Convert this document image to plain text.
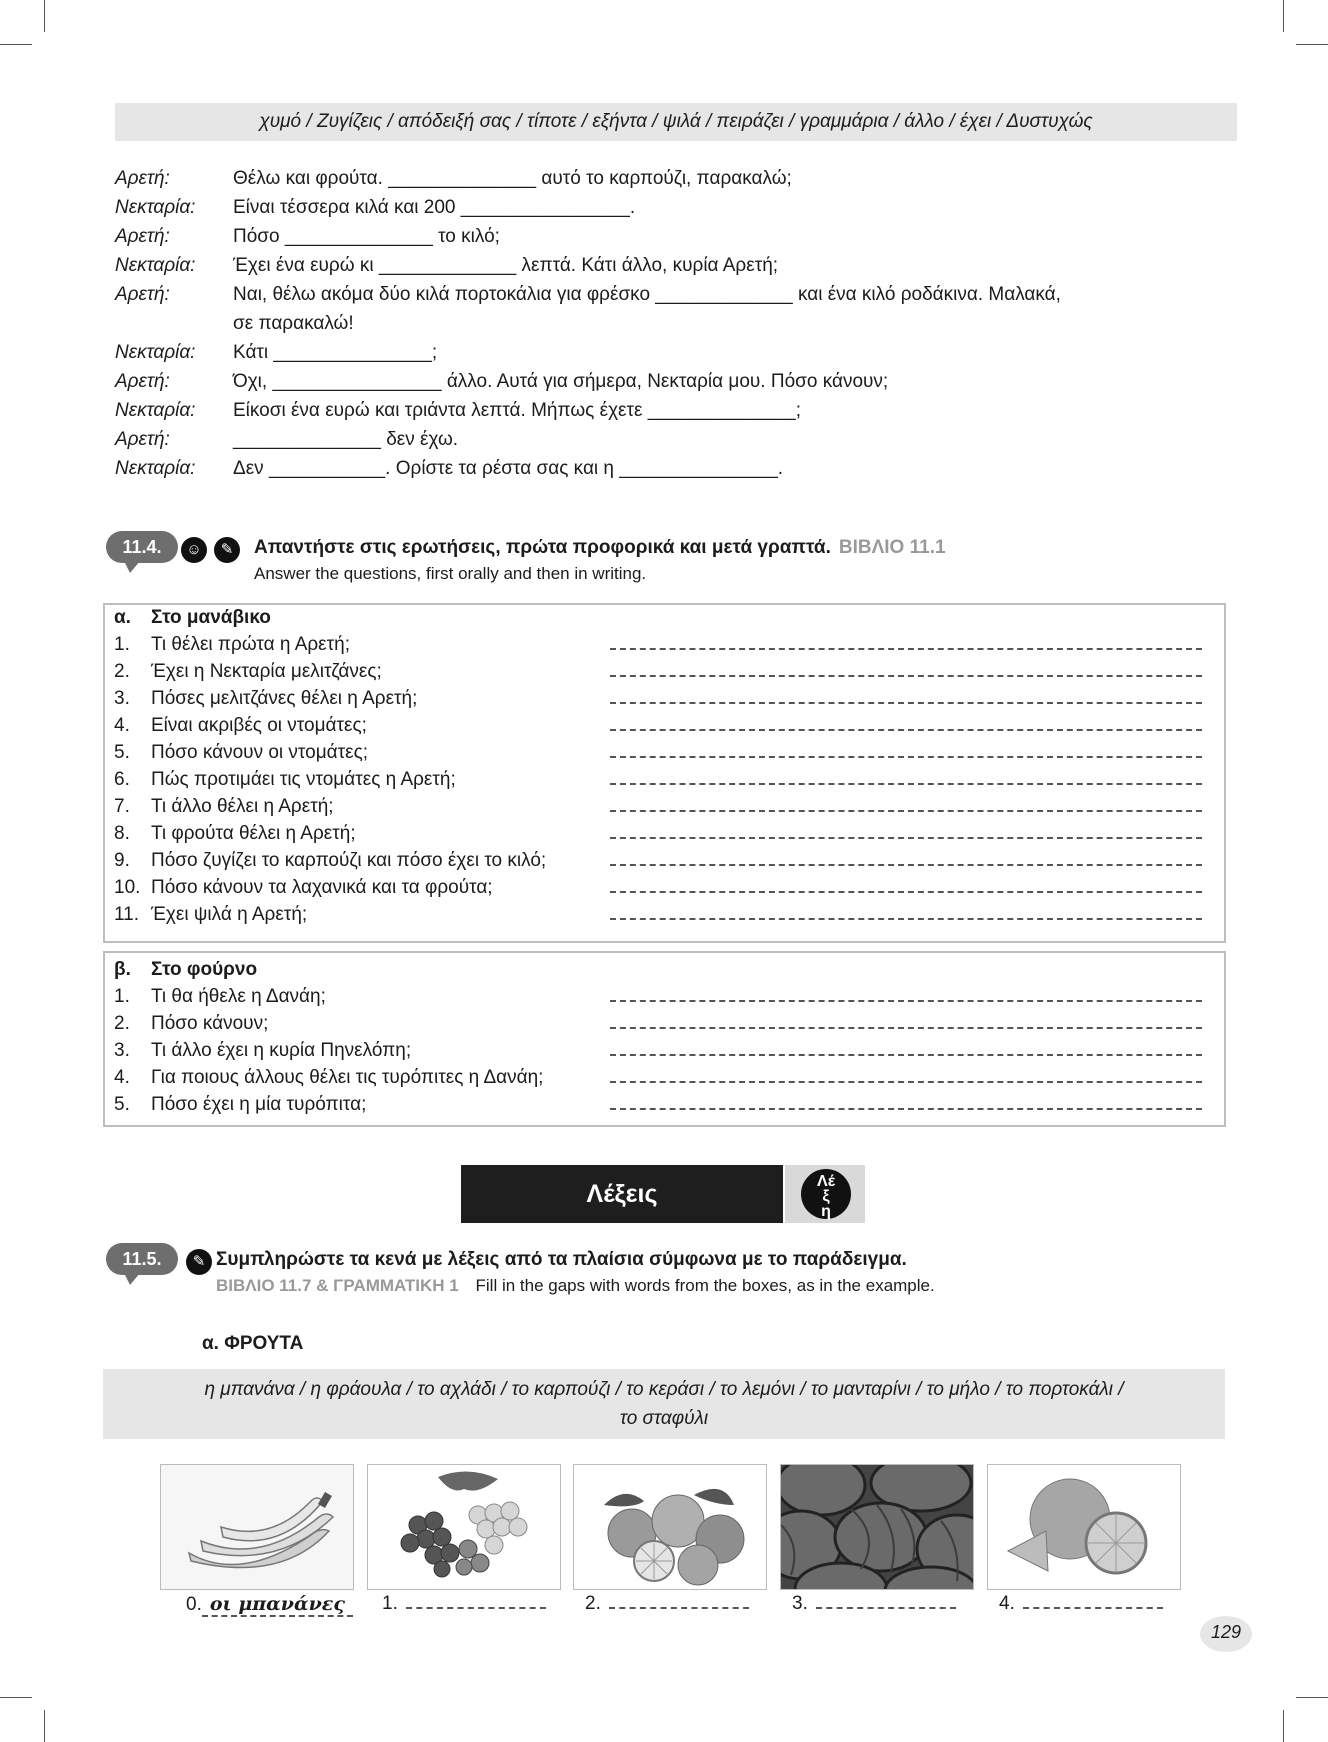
χυμό / Ζυγίζεις / απόδειξή σας / τίποτε / εξήντα / ψιλά / πειράζει / γραμμάρια / άλλο / έχει / Δυστυχώς
Αρετή:	Θέλω και φρούτα. ______________ αυτό το καρπούζι, παρακαλώ;
Νεκταρία: Είναι τέσσερα κιλά και 200 ________________.
Αρετή:	Πόσο ______________ το κιλό;
Νεκταρία: Έχει ένα ευρώ κι _____________ λεπτά. Κάτι άλλο, κυρία Αρετή;
Αρετή:	Ναι, θέλω ακόμα δύο κιλά πορτοκάλια για φρέσκο _____________ και ένα κιλό ροδάκινα. Μαλακά,
σε παρακαλώ!
Νεκταρία: Κάτι _______________;
Αρετή:	Όχι, ________________ άλλο. Αυτά για σήμερα, Νεκταρία μου. Πόσο κάνουν;
Νεκταρία: Είκοσι ένα ευρώ και τριάντα λεπτά. Μήπως έχετε ______________;
Αρετή:	______________ δεν έχω.
Νεκταρία: Δεν ___________. Ορίστε τα ρέστα σας και η _______________.
11.4.	☺	✎	Απαντήστε στις ερωτήσεις, πρώτα προφορικά και μετά γραπτά. ΒΙΒΛΙΟ 11.1
Answer the questions, first orally and then in writing.
α. Στο μανάβικο
1. Τι θέλει πρώτα η Αρετή;
2. Έχει η Νεκταρία μελιτζάνες;
3. Πόσες μελιτζάνες θέλει η Αρετή;
4. Είναι ακριβές οι ντομάτες;
5. Πόσο κάνουν οι ντομάτες;
6. Πώς προτιμάει τις ντομάτες η Αρετή;
7. Τι άλλο θέλει η Αρετή;
8. Τι φρούτα θέλει η Αρετή;
9. Πόσο ζυγίζει το καρπούζι και πόσο έχει το κιλό;
10. Πόσο κάνουν τα λαχανικά και τα φρούτα;
11. Έχει ψιλά η Αρετή;
β. Στο φούρνο
1. Τι θα ήθελε η Δανάη;
2. Πόσο κάνουν;
3. Τι άλλο έχει η κυρία Πηνελόπη;
4. Για ποιους άλλους θέλει τις τυρόπιτες η Δανάη;
5. Πόσο έχει η μία τυρόπιτα;
Λέξεις	Λέ
ξ
η
11.5.	✎ Συμπληρώστε τα κενά με λέξεις από τα πλαίσια σύμφωνα με το παράδειγμα.
ΒΙΒΛΙΟ 11.7 & ΓΡΑΜΜΑΤΙΚΗ 1 Fill in the gaps with words from the boxes, as in the example.
α. ΦΡΟΥΤΑ
η μπανάνα / η φράουλα / το αχλάδι / το καρπούζι / το κεράσι / το λεμόνι / το μανταρίνι / το μήλο / το πορτοκάλι /
το σταφύλι
0. οι μπανάνες	1.	2.	3.	4.
129
